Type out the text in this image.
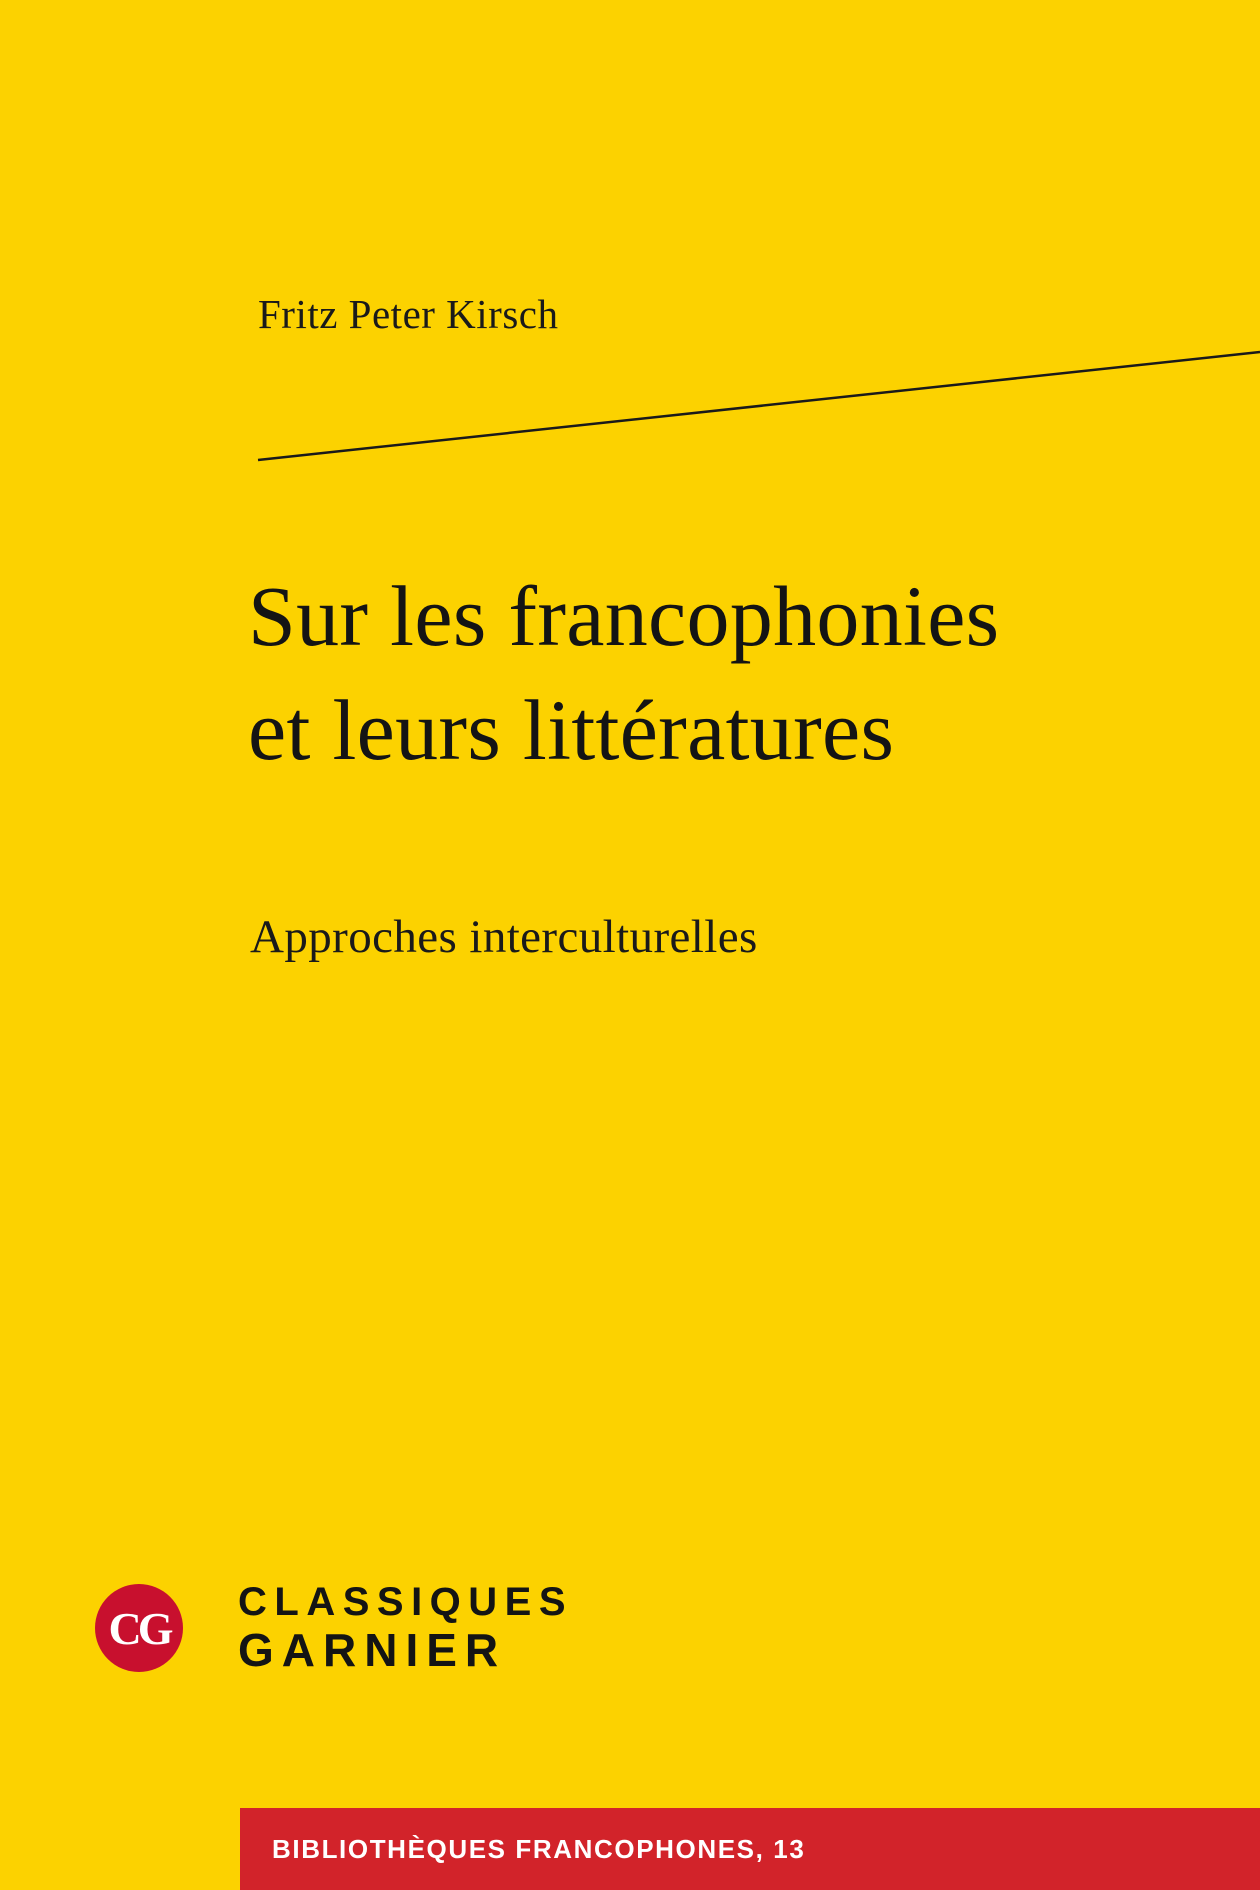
Fritz Peter Kirsch
Sur les francophonies
et leurs littératures
Approches interculturelles
CG
CLASSIQUES
GARNIER
BIBLIOTHÈQUES FRANCOPHONES, 13
